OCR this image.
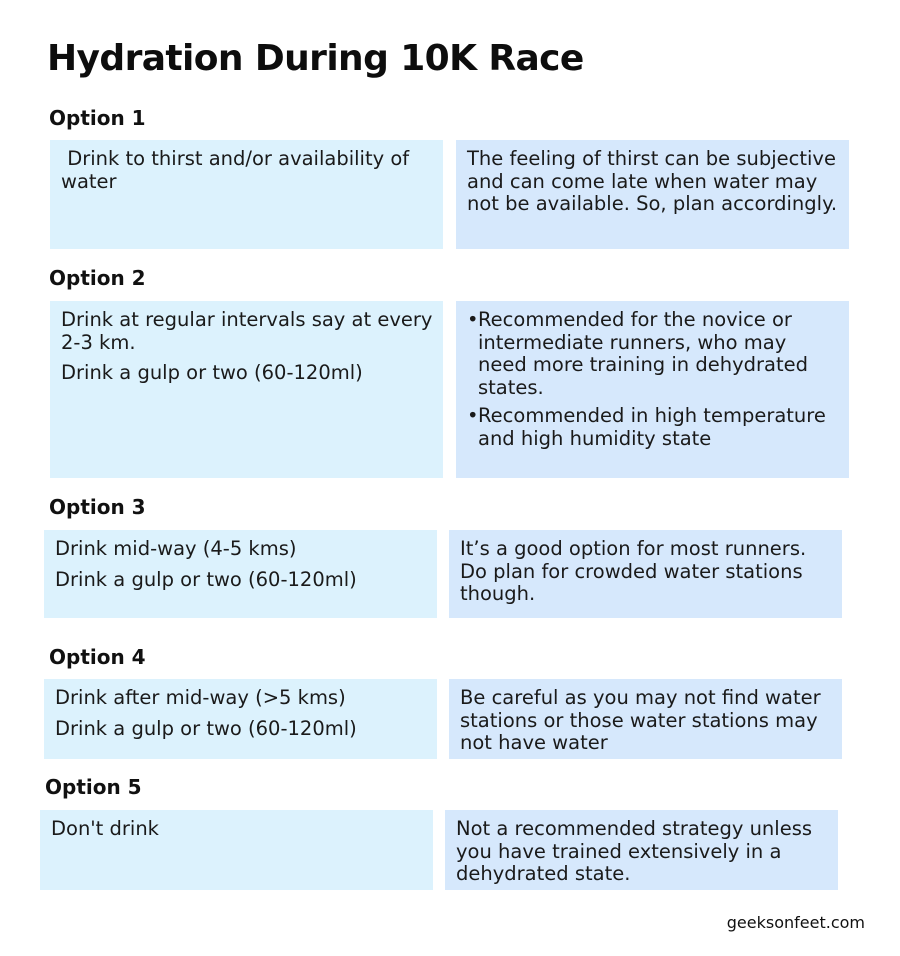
Hydration During 10K Race
Option 1

Drink to thirst and/or availability of water

The feeling of thirst can be subjective and can come late when water may not be available. So, plan accordingly.

Option 2

Drink at regular intervals say at every 2-3 km.

Drink a gulp or two (60-120ml)

• Recommended for the novice or intermediate runners, who may need more training in dehydrated states.
• Recommended in high temperature and high humidity state
Option 3

Drink mid-way (4-5 kms)

Drink a gulp or two (60-120ml)

It’s a good option for most runners. Do plan for crowded water stations though.

Option 4

Drink after mid-way (>5 kms)

Drink a gulp or two (60-120ml)

Be careful as you may not find water stations or those water stations may not have water

Option 5

Don't drink	Not a recommended strategy unless you have trained extensively in a dehydrated state.

geeksonfeet.com
